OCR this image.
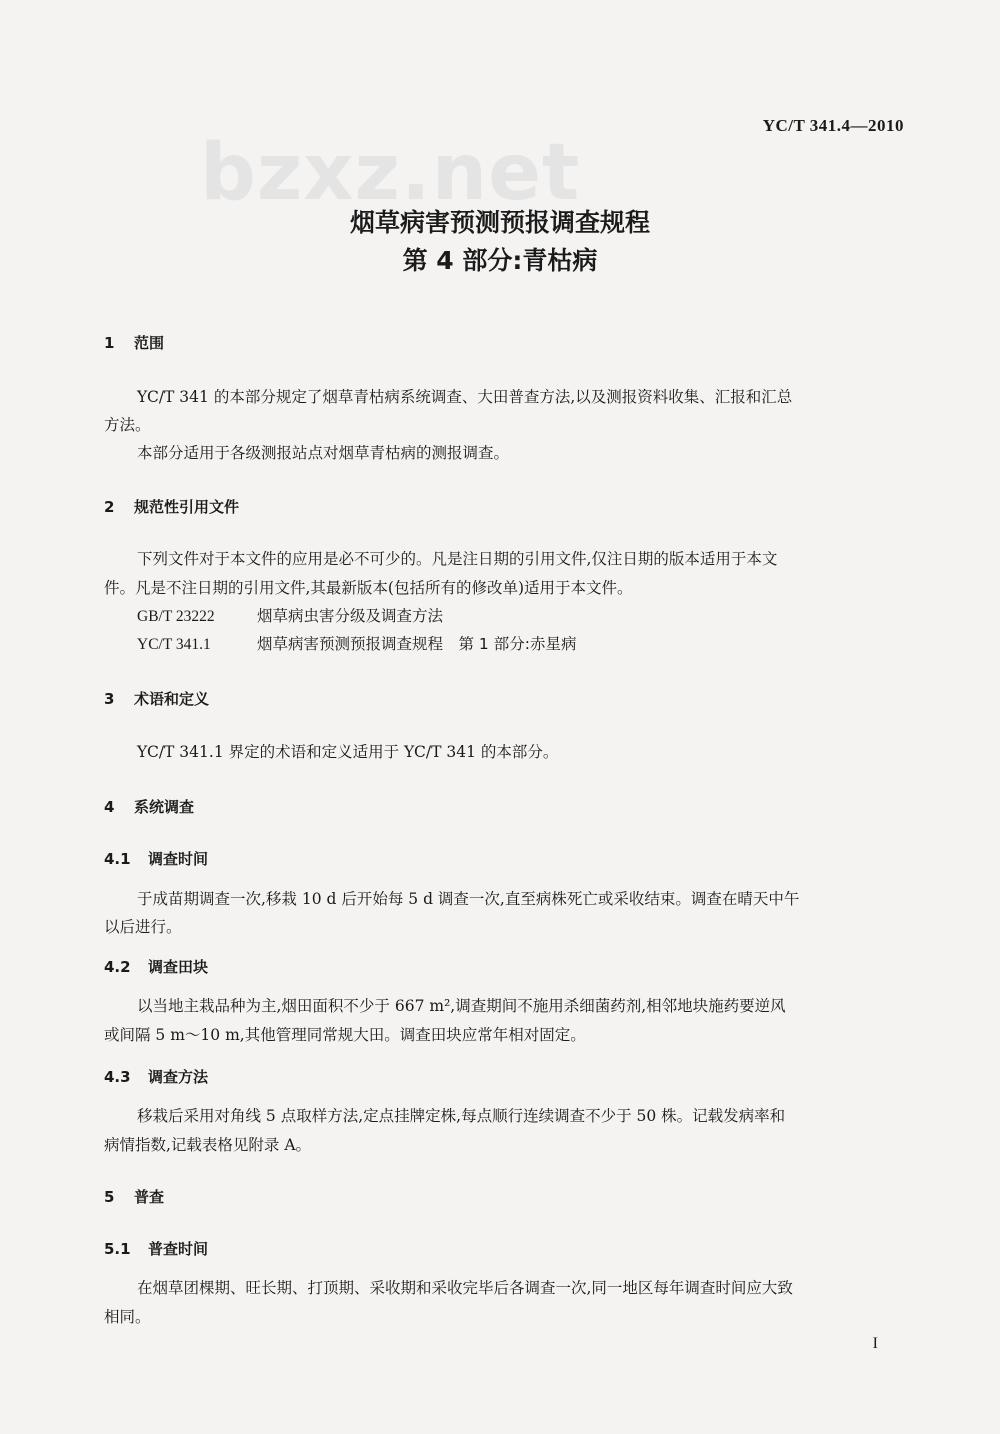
YC/T 341.4—2010
bzxz.net
烟草病害预测预报调查规程
第 4 部分:青枯病
1 范围
YC/T 341 的本部分规定了烟草青枯病系统调查、大田普查方法,以及测报资料收集、汇报和汇总
方法。
本部分适用于各级测报站点对烟草青枯病的测报调查。
2 规范性引用文件
下列文件对于本文件的应用是必不可少的。凡是注日期的引用文件,仅注日期的版本适用于本文
件。凡是不注日期的引用文件,其最新版本(包括所有的修改单)适用于本文件。
GB/T 23222	烟草病虫害分级及调查方法
YC/T 341.1	烟草病害预测预报调查规程　第 1 部分:赤星病
3 术语和定义
YC/T 341.1 界定的术语和定义适用于 YC/T 341 的本部分。
4 系统调查
4.1 调查时间
于成苗期调查一次,移栽 10 d 后开始每 5 d 调查一次,直至病株死亡或采收结束。调查在晴天中午
以后进行。
4.2 调查田块
以当地主栽品种为主,烟田面积不少于 667 m²,调查期间不施用杀细菌药剂,相邻地块施药要逆风
或间隔 5 m～10 m,其他管理同常规大田。调查田块应常年相对固定。
4.3 调查方法
移栽后采用对角线 5 点取样方法,定点挂牌定株,每点顺行连续调查不少于 50 株。记载发病率和
病情指数,记载表格见附录 A。
5 普查
5.1 普查时间
在烟草团棵期、旺长期、打顶期、采收期和采收完毕后各调查一次,同一地区每年调查时间应大致
相同。
I
